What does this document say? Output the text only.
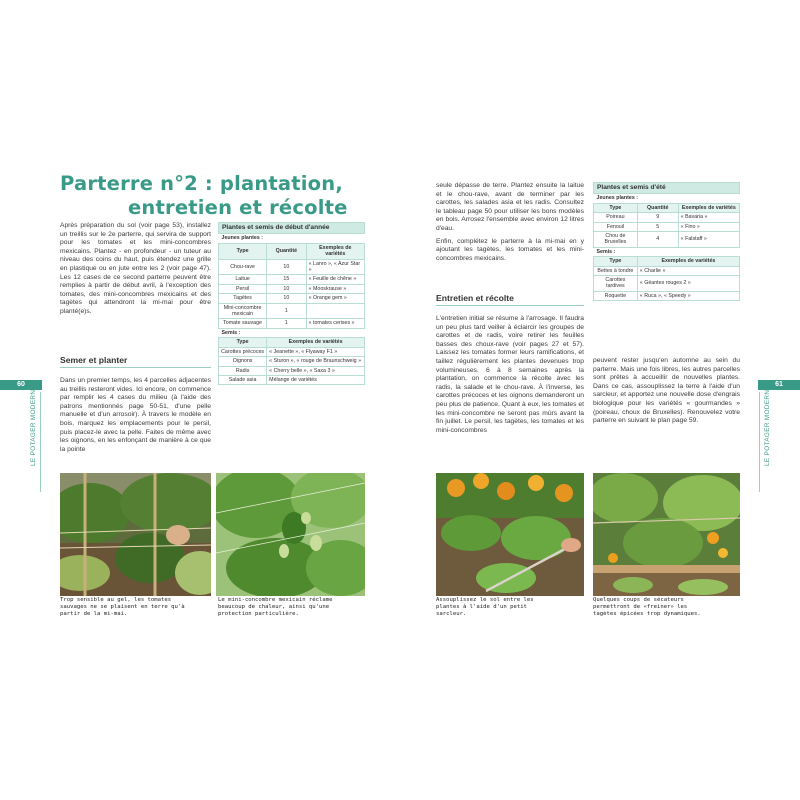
Parterre n°2 : plantation,
entretien et récolte

Après préparation du sol (voir page 53), installez un treillis sur le 2e parterre, qui servira de support pour les tomates et les mini-concombres mexicains. Plantez - en profondeur - un tuteur au niveau des coins du haut, puis étendez une grille en plastique ou en jute entre les 2 (voir page 47). Les 12 cases de ce second parterre peuvent être remplies à partir de début avril, à l'exception des tomates, des mini-concombres mexicains et des tagètes qui attendront la mi-mai pour être planté(e)s.

Semer et planter

Dans un premier temps, les 4 parcelles adjacentes au treillis resteront vides. Ici encore, on commence par remplir les 4 cases du milieu (à l'aide des patrons mentionnés page 50-51, d'une pelle manuelle et d'un arrosoir). À travers le modèle en bois, marquez les emplacements pour le persil, puis placez-le avec la pelle. Faites de même avec les oignons, en les enfonçant de manière à ce que la pointe

Plantes et semis de début d'année		
Jeunes plantes :		
Type	Quantité	Exemples de variétés
Chou-rave	10	« Lanro », « Azur Star »
Laitue	15	« Feuille de chêne »
Persil	10	« Mooskrause »
Tagètes	10	« Orange gem »
Mini-concombre mexicain	1	
Tomate sauvage	1	« tomates cerises »
Semis :		
Type	Exemples de variétés	
Carottes précoces	« Jeanette », « Flyaway F1 »	
Oignons	« Sturon », « rouge de Braunschweig »	
Radis	« Cherry belle », « Saxa 3 »	
Salade asia	Mélange de variétés	
60
LE POTAGER MODERNE

Trop sensible au gel, les tomates sauvages ne se plaisent en terre qu'à partir de la mi-mai.

Le mini-concombre mexicain réclame beaucoup de chaleur, ainsi qu'une protection particulière.

seule dépasse de terre. Plantez ensuite la laitue et le chou-rave, avant de terminer par les carottes, les salades asia et les radis. Consultez le tableau page 50 pour utiliser les bons modèles en bois. Arrosez l'ensemble avec environ 12 litres d'eau.

Enfin, complétez le parterre à la mi-mai en y ajoutant les tagètes, les tomates et les mini-concombres mexicains.

Entretien et récolte

L'entretien initial se résume à l'arrosage. Il faudra un peu plus tard veiller à éclaircir les groupes de carottes et de radis, voire retirer les feuilles basses des choux-rave (voir pages 27 et 57). Laissez les tomates former leurs ramifications, et taillez régulièrement les plantes devenues trop volumineuses. 6 à 8 semaines après la plantation, on commence la récolte avec les radis, la salade et le chou-rave. À l'inverse, les carottes précoces et les oignons demanderont un peu plus de patience. Quant à eux, les tomates et les mini-concombre ne seront pas mûrs avant la fin juillet. Le persil, les tagètes, les tomates et les mini-concombres

Plantes et semis d'été		
Jeunes plantes :		
Type	Quantité	Exemples de variétés
Poireau	9	« Bavaria »
Fenouil	5	« Fino »
Chou de Bruxelles	4	« Falstaff »
Semis :		
Type	Exemples de variétés	
Bettes à tondre	« Charlie »	
Carottes tardives	« Géantes rouges 2 »	
Roquette	« Ruca », « Speedy »	

peuvent rester jusqu'en automne au sein du parterre. Mais une fois libres, les autres parcelles sont prêtes à accueillir de nouvelles plantes. Dans ce cas, assouplissez la terre à l'aide d'un sarcleur, et apportez une nouvelle dose d'engrais biologique pour les variétés « gourmandes » (poireau, choux de Bruxelles). Renouvelez votre parterre en suivant le plan page 59.

61
LE POTAGER MODERNE

Assouplissez le sol entre les plantes à l'aide d'un petit sarcleur.

Quelques coups de sécateurs permettront de «freiner» les tagètes épicées trop dynamiques.
